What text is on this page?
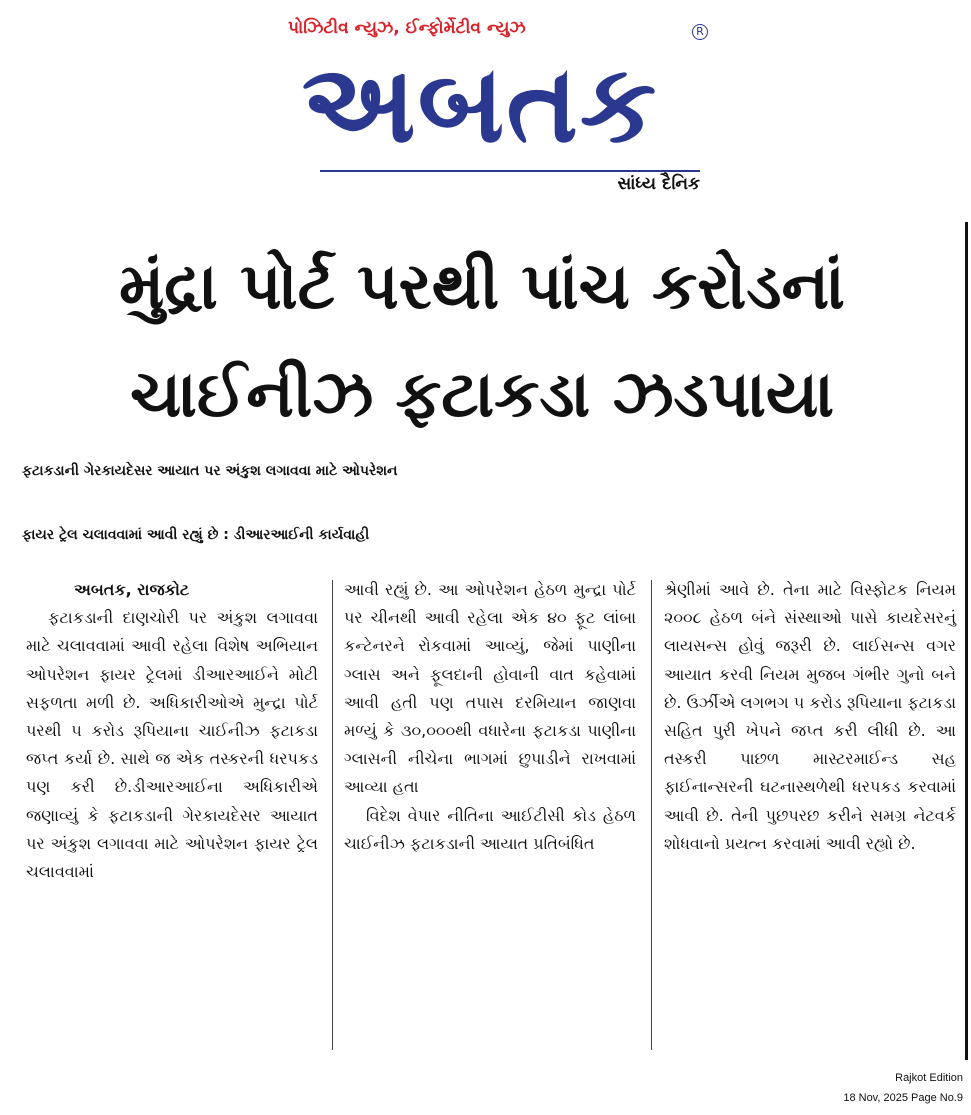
પોઝિટીવ ન્યુઝ, ઈન્ફોર્મેટીવ ન્યુઝ	R
અબતક
સાંધ્ય દૈનિક
મુંદ્રા પોર્ટ પરથી પાંચ કરોડનાં
ચાઈનીઝ ફટાકડા ઝડપાયા
ફટાકડાની ગેરકાયદેસર આયાત પર અંકુશ લગાવવા માટે ઓપરેશન
ફાયર ટ્રેલ ચલાવવામાં આવી રહ્યું છે : ડીઆરઆઈની કાર્યવાહી
અબતક, રાજકોટ

ફટાકડાની દાણચોરી પર અંકુશ લગાવવા માટે ચલાવવામાં આવી રહેલા વિશેષ અભિયાન ઓપરેશન ફાયર ટ્રેલમાં ડીઆરઆઈને મોટી સફળતા મળી છે. અધિકારીઓએ મુન્દ્રા પોર્ટ પરથી ૫ કરોડ રૂપિયાના ચાઈનીઝ ફટાકડા જપ્ત કર્યા છે. સાથે જ એક તસ્કરની ધરપકડ પણ કરી છે.ડીઆરઆઈના અધિકારીએ જણાવ્યું કે ફટાકડાની ગેરકાયદેસર આયાત પર અંકુશ લગાવવા માટે ઓપરેશન ફાયર ટ્રેલ ચલાવવામાં

આવી રહ્યું છે. આ ઓપરેશન હેઠળ મુન્દ્રા પોર્ટ પર ચીનથી આવી રહેલા એક ૪૦ ફૂટ લાંબા કન્ટેનરને રોકવામાં આવ્યું, જેમાં પાણીના ગ્લાસ અને ફૂલદાની હોવાની વાત કહેવામાં આવી હતી પણ તપાસ દરમિયાન જાણવા મળ્યું કે ૩૦,૦૦૦થી વધારેના ફટાકડા પાણીના ગ્લાસની નીચેના ભાગમાં છુપાડીને રાખવામાં આવ્યા હતા

વિદેશ વેપાર નીતિના આઈટીસી કોડ હેઠળ ચાઈનીઝ ફટાકડાની આયાત પ્રતિબંધિત

શ્રેણીમાં આવે છે. તેના માટે વિસ્ફોટક નિયમ ૨૦૦૮ હેઠળ બંને સંસ્થાઓ પાસે કાયદેસરનું લાયસન્સ હોવું જરૂરી છે. લાઈસન્સ વગર આયાત કરવી નિયમ મુજબ ગંભીર ગુનો બને છે. ઉર્ઝીએ લગભગ ૫ કરોડ રૂપિયાના ફટાકડા સહિત પુરી ખેપને જપ્ત કરી લીધી છે. આ તસ્કરી પાછળ માસ્ટરમાઈન્ડ સહ ફાઈનાન્સરની ઘટનાસ્થળેથી ધરપકડ કરવામાં આવી છે. તેની પુછપરછ કરીને સમગ્ર નેટવર્ક શોધવાનો પ્રયત્ન કરવામાં આવી રહ્યો છે.

Rajkot Edition
18 Nov, 2025 Page No.9
